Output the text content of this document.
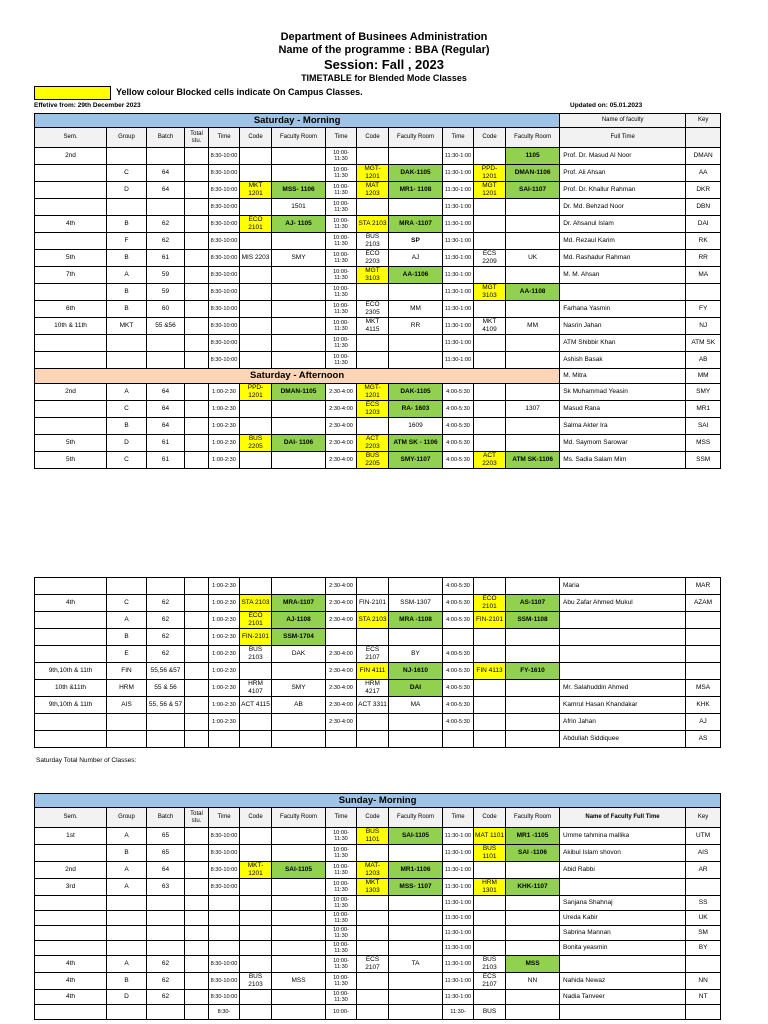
Department of Businees Administration
Name of the programme : BBA (Regular)
Session: Fall , 2023
TIMETABLE for Blended Mode Classes
Yellow colour Blocked cells indicate On Campus Classes.
Effetive from: 29th December 2023	Updated on: 05.01.2023
Saturday - Morning													Name of faculty	Key
Sem.	Group	Batch	Total stu.	Time	Code	Faculty Room	Time	Code	Faculty Room	Time	Code	Faculty Room	Full Time	
2nd				8:30-10:00			10:00-11:30			11:30-1:00		1105	Prof. Dr. Masud Al Noor	DMAN
	C	64		8:30-10:00			10:00-11:30	MGT-1201	DAK-1105	11:30-1:00	PPD-1201	DMAN-1106	Prof. Ali Ahsan	AA
	D	64		8:30-10:00	MKT 1201	MSS- 1106	10:00-11:30	MAT 1203	MR1- 1108	11:30-1:00	MGT 1201	SAI-1107	Prof. Dr. Khallur Rahman	DKR
				8:30-10:00		1501	10:00-11:30			11:30-1:00			Dr. Md. Behzad Noor	DBN
4th	B	62		8:30-10:00	ECO 2101	AJ- 1105	10:00-11:30	STA 2103	MRA -1107	11:30-1:00			Dr. Ahsanul Islam	DAI
	F	62		8:30-10:00			10:00-11:30	BUS 2103	SP	11:30-1:00			Md. Rezaul Karim	RK
5th	B	61		8:30-10:00	MIS 2203	SMY	10:00-11:30	ECO 2203	AJ	11:30-1:00	ECS 2209	UK	Md. Rashadur Rahman	RR
7th	A	59		8:30-10:00			10:00-11:30	MGT 3103	AA-1106	11:30-1:00			M. M. Ahsan	MA
	B	59		8:30-10:00			10:00-11:30			11:30-1:00	MGT 3103	AA-1108		
6th	B	60		8:30-10:00			10:00-11:30	ECO 2305	MM	11:30-1:00			Farhana Yasmin	FY
10th & 11th	MKT	55 &56		8:30-10:00			10:00-11:30	MKT 4115	RR	11:30-1:00	MKT 4109	MM	Nasrin Jahan	NJ
				8:30-10:00			10:00-11:30			11:30-1:00			ATM Shibbir Khan	ATM SK
				8:30-10:00			10:00-11:30			11:30-1:00			Ashish Basak	AB
Saturday - Afternoon													M. Mitra	MM
2nd	A	64		1:00-2:30	PPD-1201	DMAN-1105	2:30-4:00	MGT-1201	DAK-1105	4:00-5:30			Sk Muhammad Yeasin	SMY
	C	64		1:00-2:30			2:30-4:00	ECS 1203	RA- 1603	4:00-5:30		1307	Masud Rana	MR1
	B	64		1:00-2:30			2:30-4:00		1609	4:00-5:30			Salma Akter Ira	SAI
5th	D	61		1:00-2:30	BUS 2205	DAI- 1106	2:30-4:00	ACT 2203	ATM SK - 1106	4:00-5:30			Md. Saymom Sarowar	MSS
5th	C	61		1:00-2:30			2:30-4:00	BUS 2205	SMY-1107	4:00-5:30	ACT 2203	ATM SK-1106	Ms. Sadia Salam Mim	SSM
				1:00-2:30			2:30-4:00			4:00-5:30			Maria	MAR
4th	C	62		1:00-2:30	STA 2103	MRA-1107	2:30-4:00	FIN-2101	SSM-1307	4:00-5:30	ECO 2101	AS-1107	Abu Zafar Ahmed Mukul	AZAM
	A	62		1:00-2:30	ECO 2101	AJ-1108	2:30-4:00	STA 2103	MRA -1108	4:00-5:30	FIN-2101	SSM-1108		
	B	62		1:00-2:30	FIN-2101	SSM-1704								
	E	62		1:00-2:30	BUS 2103	DAK	2:30-4:00	ECS 2107	BY	4:00-5:30				
9th,10th & 11th	FIN	55,56 &57		1:00-2:30			2:30-4:00	FIN 4111	NJ-1610	4:00-5:30	FIN 4113	FY-1610		
10th &11th	HRM	55 & 56		1:00-2:30	HRM 4107	SMY	2:30-4:00	HRM 4217	DAI	4:00-5:30			Mr. Salahuddin Ahmed	MSA
9th,10th & 11th	AIS	55, 56 & 57		1:00-2:30	ACT 4115	AB	2:30-4:00	ACT 3311	MA	4:00-5:30			Kamrul Hasan Khandakar	KHK
				1:00-2:30			2:30-4:00			4:00-5:30			Afrin Jahan	AJ
													Abdullah Siddiquee	AS
Saturday Total Number of Classes:
Sunday- Morning														
Sem.	Group	Batch	Total stu.	Time	Code	Faculty Room	Time	Code	Faculty Room	Time	Code	Faculty Room	Name of Faculty Full Time	Key
1st	A	65		8:30-10:00			10:00-11:30	BUS 1101	SAI-1105	11:30-1:00	MAT 1101	MR1 -1105	Umme tahmina mallika	UTM
	B	65		8:30-10:00			10:00-11:30			11:30-1:00	BUS 1101	SAI -1106	Akibul Islam shovon	AIS
2nd	A	64		8:30-10:00	MKT-1201	SAI-1105	10:00-11:30	MAT-1203	MR1-1106	11:30-1:00			Abid Rabbi	AR
3rd	A	63		8:30-10:00			10:00-11:30	MKT 1303	MSS- 1107	11:30-1:00	HRM 1301	KHK-1107		
							10:00-11:30			11:30-1:00			Sanjana Shahnaj	SS
							10:00-11:30			11:30-1:00			Ureda Kabir	UK
							10:00-11:30			11:30-1:00			Sabrina Mannan	SM
							10:00-11:30			11:30-1:00			Bonita yeasmin	BY
4th	A	62		8:30-10:00			10:00-11:30	ECS 2107	TA	11:30-1:00	BUS 2103	MSS		
4th	B	62		8:30-10:00	BUS 2103	MSS	10:00-11:30			11:30-1:00	ECS 2107	NN	Nahida Newaz	NN
4th	D	62		8:30-10:00			10:00-11:30			11:30-1:00			Nadia Tanveer	NT
				8:30-			10:00-			11:30-	BUS			
